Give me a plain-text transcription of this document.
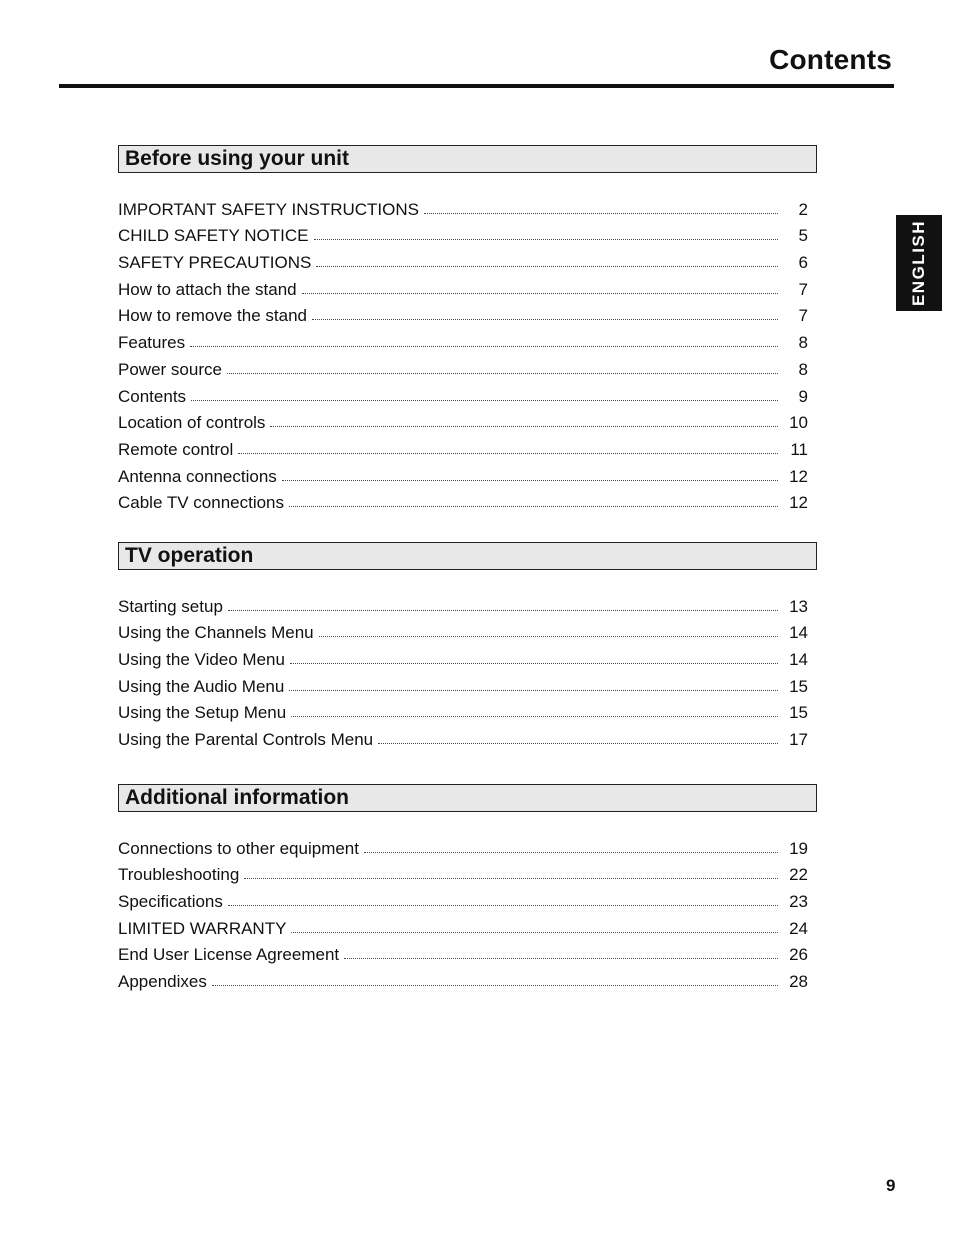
Contents
ENGLISH
Before using your unit
IMPORTANT SAFETY INSTRUCTIONS	2
CHILD SAFETY NOTICE	5
SAFETY PRECAUTIONS	6
How to attach the stand	7
How to remove the stand	7
Features	8
Power source	8
Contents	9
Location of controls	10
Remote control	11
Antenna connections	12
Cable TV connections	12
TV operation
Starting setup	13
Using the Channels Menu	14
Using the Video Menu	14
Using the Audio Menu	15
Using the Setup Menu	15
Using the Parental Controls Menu	17
Additional information
Connections to other equipment	19
Troubleshooting	22
Specifications	23
LIMITED WARRANTY	24
End User License Agreement	26
Appendixes	28
9
